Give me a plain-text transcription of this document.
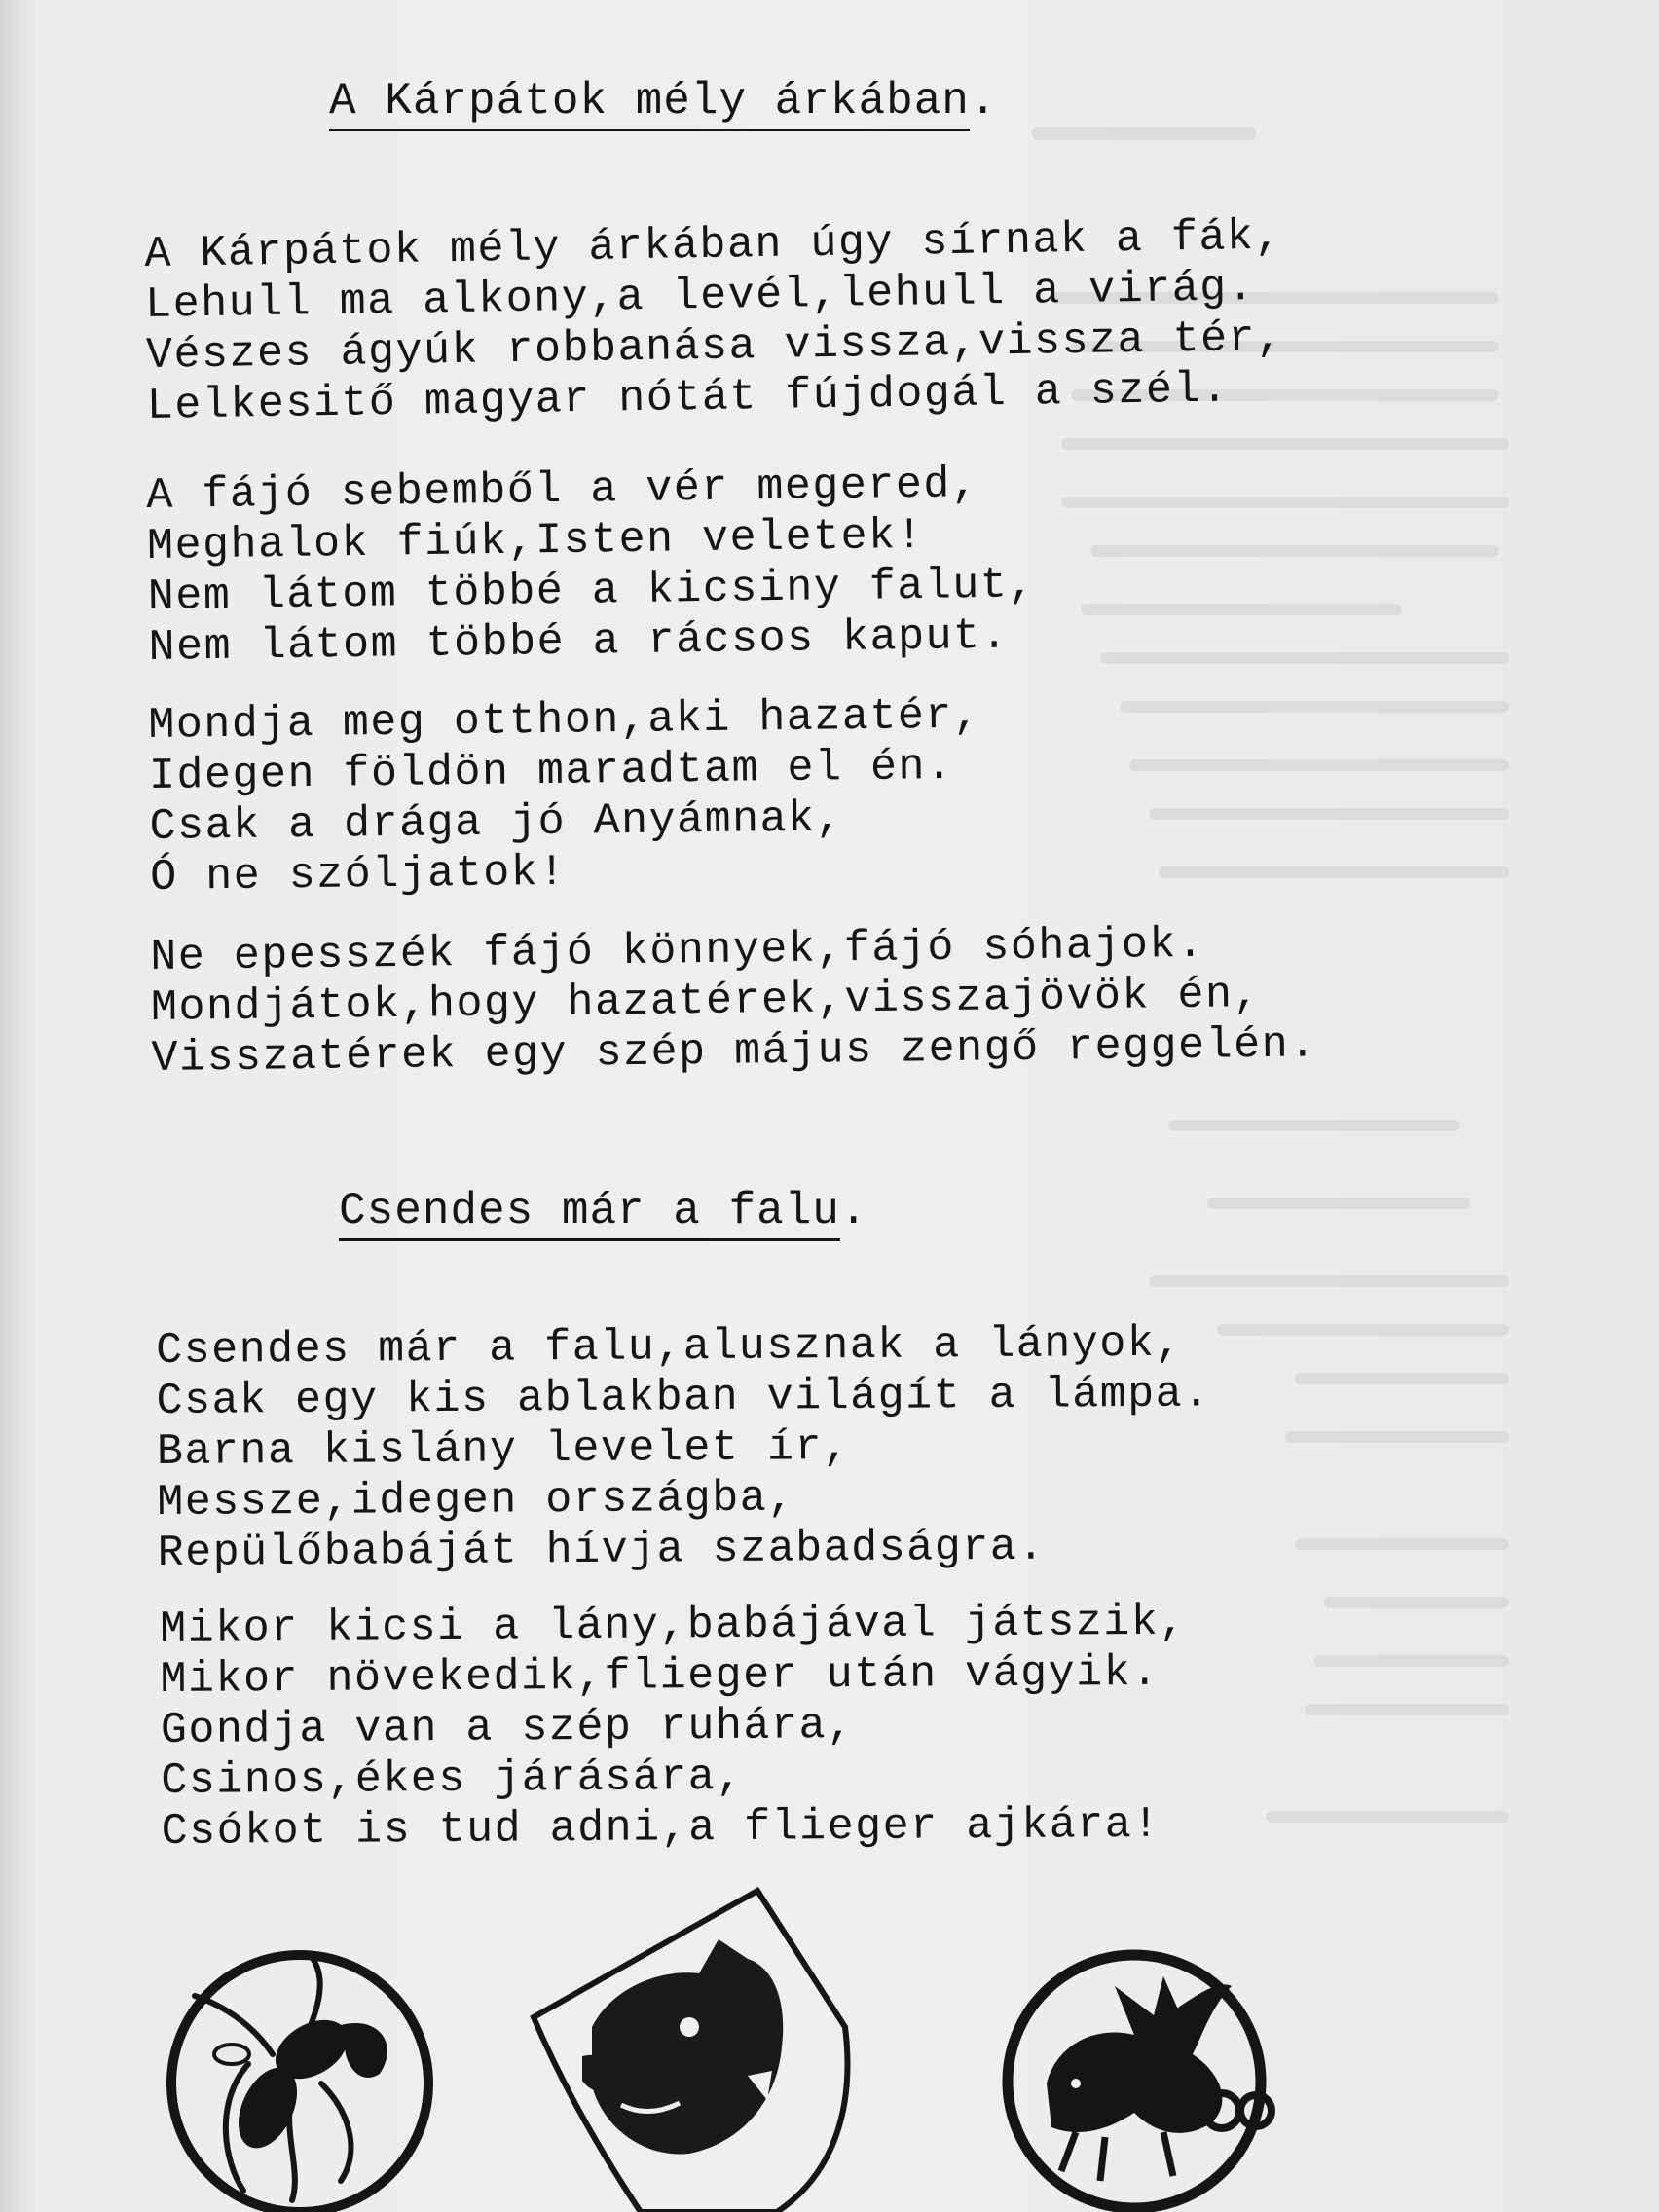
A Kárpátok mély árkában.
A Kárpátok mély árkában úgy sírnak a fák,
Lehull ma alkony,a levél,lehull a virág.
Vészes ágyúk robbanása vissza,vissza tér,
Lelkesitő magyar nótát fújdogál a szél.
A fájó sebemből a vér megered,
Meghalok fiúk,Isten veletek!
Nem látom többé a kicsiny falut,
Nem látom többé a rácsos kaput.
Mondja meg otthon,aki hazatér,
Idegen földön maradtam el én.
Csak a drága jó Anyámnak,
Ó ne szóljatok!
Ne epesszék fájó könnyek,fájó sóhajok.
Mondjátok,hogy hazatérek,visszajövök én,
Visszatérek egy szép május zengő reggelén.
Csendes már a falu.
Csendes már a falu,alusznak a lányok,
Csak egy kis ablakban világít a lámpa.
Barna kislány levelet ír,
Messze,idegen országba,
Repülőbabáját hívja szabadságra.
Mikor kicsi a lány,babájával játszik,
Mikor növekedik,flieger után vágyik.
Gondja van a szép ruhára,
Csinos,ékes járására,
Csókot is tud adni,a flieger ajkára!
